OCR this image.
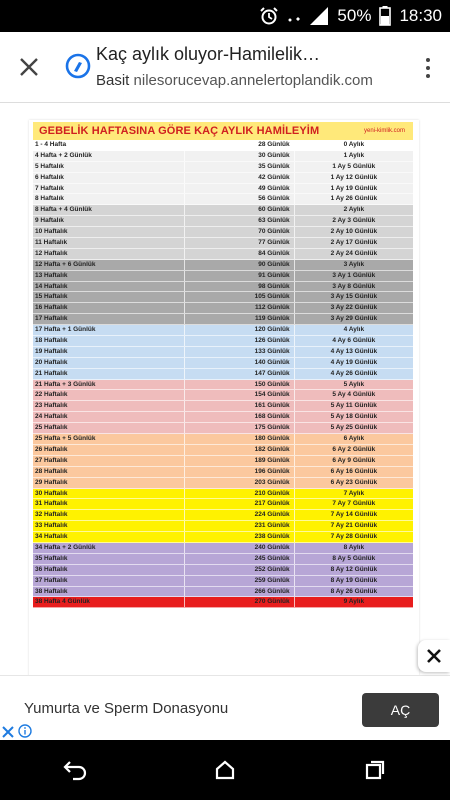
50% 18:30
Kaç aylık oluyor-Hamilelik…
Basit nilesorucevap.annelertoplandik.com
GEBELİK HAFTASINA GÖRE KAÇ AYLIK HAMİLEYİM	yeni-kimlik.com
1 - 4 Hafta	28 Günlük	0 Aylık
4 Hafta + 2 Günlük	30 Günlük	1 Aylık
5 Haftalık	35 Günlük	1 Ay 5 Günlük
6 Haftalık	42 Günlük	1 Ay 12 Günlük
7 Haftalık	49 Günlük	1 Ay 19 Günlük
8 Haftalık	56 Günlük	1 Ay 26 Günlük
8 Hafta + 4 Günlük	60 Günlük	2 Aylık
9 Haftalık	63 Günlük	2 Ay 3 Günlük
10 Haftalık	70 Günlük	2 Ay 10 Günlük
11 Haftalık	77 Günlük	2 Ay 17 Günlük
12 Haftalık	84 Günlük	2 Ay 24 Günlük
12 Hafta + 6 Günlük	90 Günlük	3 Aylık
13 Haftalık	91 Günlük	3 Ay 1 Günlük
14 Haftalık	98 Günlük	3 Ay 8 Günlük
15 Haftalık	105 Günlük	3 Ay 15 Günlük
16 Haftalık	112 Günlük	3 Ay 22 Günlük
17 Haftalık	119 Günlük	3 Ay 29 Günlük
17 Hafta + 1 Günlük	120 Günlük	4 Aylık
18 Haftalık	126 Günlük	4 Ay 6 Günlük
19 Haftalık	133 Günlük	4 Ay 13 Günlük
20 Haftalık	140 Günlük	4 Ay 19 Günlük
21 Haftalık	147 Günlük	4 Ay 26 Günlük
21 Hafta + 3 Günlük	150 Günlük	5 Aylık
22 Haftalık	154 Günlük	5 Ay 4 Günlük
23 Haftalık	161 Günlük	5 Ay 11 Günlük
24 Haftalık	168 Günlük	5 Ay 18 Günlük
25 Haftalık	175 Günlük	5 Ay 25 Günlük
25 Hafta + 5 Günlük	180 Günlük	6 Aylık
26 Haftalık	182 Günlük	6 Ay 2 Günlük
27 Haftalık	189 Günlük	6 Ay 9 Günlük
28 Haftalık	196 Günlük	6 Ay 16 Günlük
29 Haftalık	203 Günlük	6 Ay 23 Günlük
30 Haftalık	210 Günlük	7 Aylık
31 Haftalık	217 Günlük	7 Ay 7 Günlük
32 Haftalık	224 Günlük	7 Ay 14 Günlük
33 Haftalık	231 Günlük	7 Ay 21 Günlük
34 Haftalık	238 Günlük	7 Ay 28 Günlük
34 Hafta + 2 Günlük	240 Günlük	8 Aylık
35 Haftalık	245 Günlük	8 Ay 5 Günlük
36 Haftalık	252 Günlük	8 Ay 12 Günlük
37 Haftalık	259 Günlük	8 Ay 19 Günlük
38 Haftalık	266 Günlük	8 Ay 26 Günlük
38 Hafta 4 Günlük	270 Günlük	9 Aylık
Yumurta ve Sperm Donasyonu	AÇ
